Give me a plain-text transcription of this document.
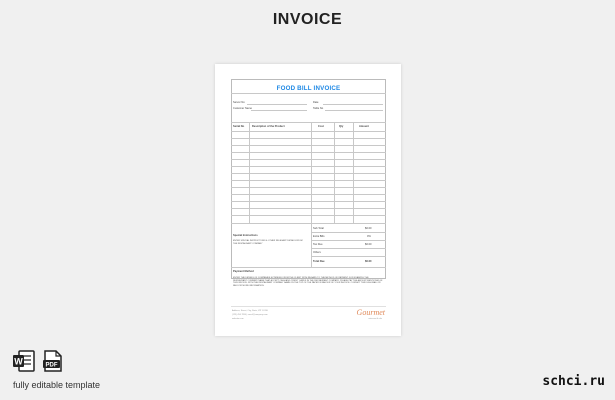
INVOICE
FOOD BILL INVOICE
Server No
Customer Name
Date
Table No
Serial No	Description of the Product	Cost	Qty	Amount
Sub Total	$0.00
Extra Bills	0%
Tax Due	$0.00
Others
Total Due	$0.00
Special Instructions
ENTER SPECIAL INSTRUCTIONS & OTHER RELEVANT DETAILS FROM THE RESTAURANT COMPANY
Payment Method
ENTER THE DETAILS OF COMPANIES EXTENDED FROM THE CLIENT WITH REGARD TO THE METHOD OF PAYMENT. FOR EXAMPLE THE RESTAURANT COMPANY NAME THAT ACCEPT CASH AND CREDIT CARDS IN THE RESTAURANT COMPANY. PLEASE PAY THE AMOUNT MENTIONED IN THIS INVOICE. WITH THE RESTAURANT COMPANY NAME ON THE TOP OF THE PAPER IN FAVOUR OF YOUR INVOICE. CONTACT THROUGH MAIL OR FAX FOR MORE INFORMATION.
Address, Street, City, State, ZIP CODE
(123) 456 7890 | email@company.com
website.com
Gourmet
restaurant & cafe
W	PDF
fully editable template	schci.ru
